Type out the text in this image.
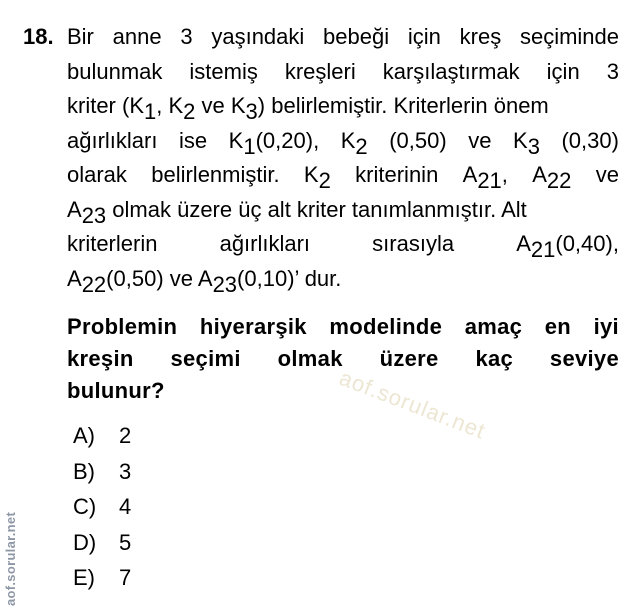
18. Bir anne 3 yaşındaki bebeği için kreş seçiminde
bulunmak istemiş kreşleri karşılaştırmak için 3
kriter ($K_1$, $K_2$ ve $K_3$) belirlemiştir. Kriterlerin önem
ağırlıkları ise $K_1(0,20)$, $K_2$ (0,50) ve $K_3$ (0,30)
olarak belirlenmiştir. $K_2$ kriterinin $A_{21}$, $A_{22}$ ve
$A_{23}$ olmak üzere üç alt kriter tanımlanmıştır. Alt
kriterlerin	ağırlıkları	sırasıyla	$A_{21}(0,40)$,
$A_{22}(0,50)$ ve $A_{23}(0,10)$’ dur.
Problemin hiyerarşik modelinde amaç en iyi
kreşin seçimi olmak üzere kaç seviye
bulunur?
A)	2
B)	3
C)	4
D)	5
E)	7
aof.sorular.net
aof.sorular.net
